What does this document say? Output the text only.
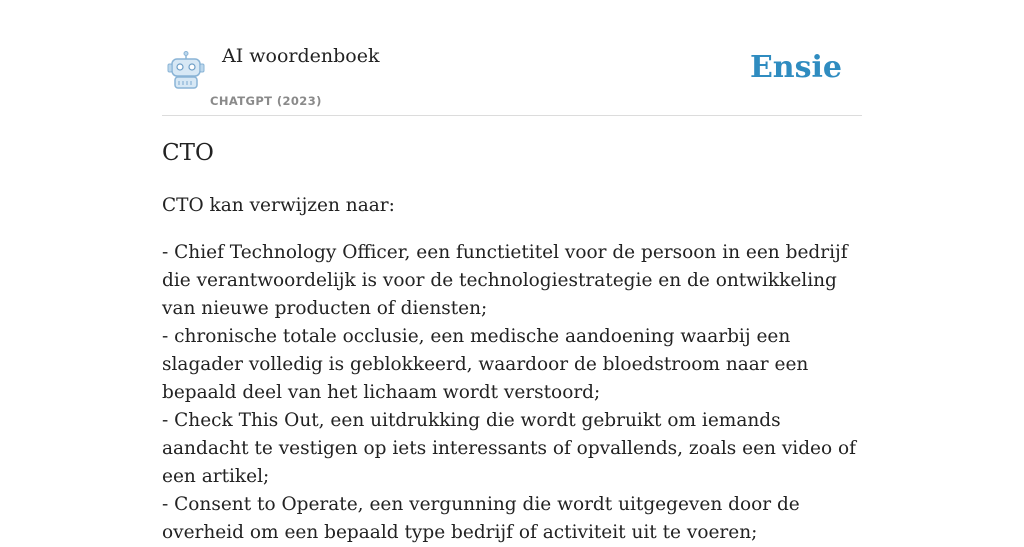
AI woordenboek
CHATGPT (2023)
Ensie
CTO

CTO kan verwijzen naar:

- Chief Technology Officer, een functietitel voor de persoon in een bedrijf die verantwoordelijk is voor de technologiestrategie en de ontwikkeling van nieuwe producten of diensten;
- chronische totale occlusie, een medische aandoening waarbij een slagader volledig is geblokkeerd, waardoor de bloedstroom naar een bepaald deel van het lichaam wordt verstoord;
- Check This Out, een uitdrukking die wordt gebruikt om iemands aandacht te vestigen op iets interessants of opvallends, zoals een video of een artikel;
- Consent to Operate, een vergunning die wordt uitgegeven door de overheid om een bepaald type bedrijf of activiteit uit te voeren;
